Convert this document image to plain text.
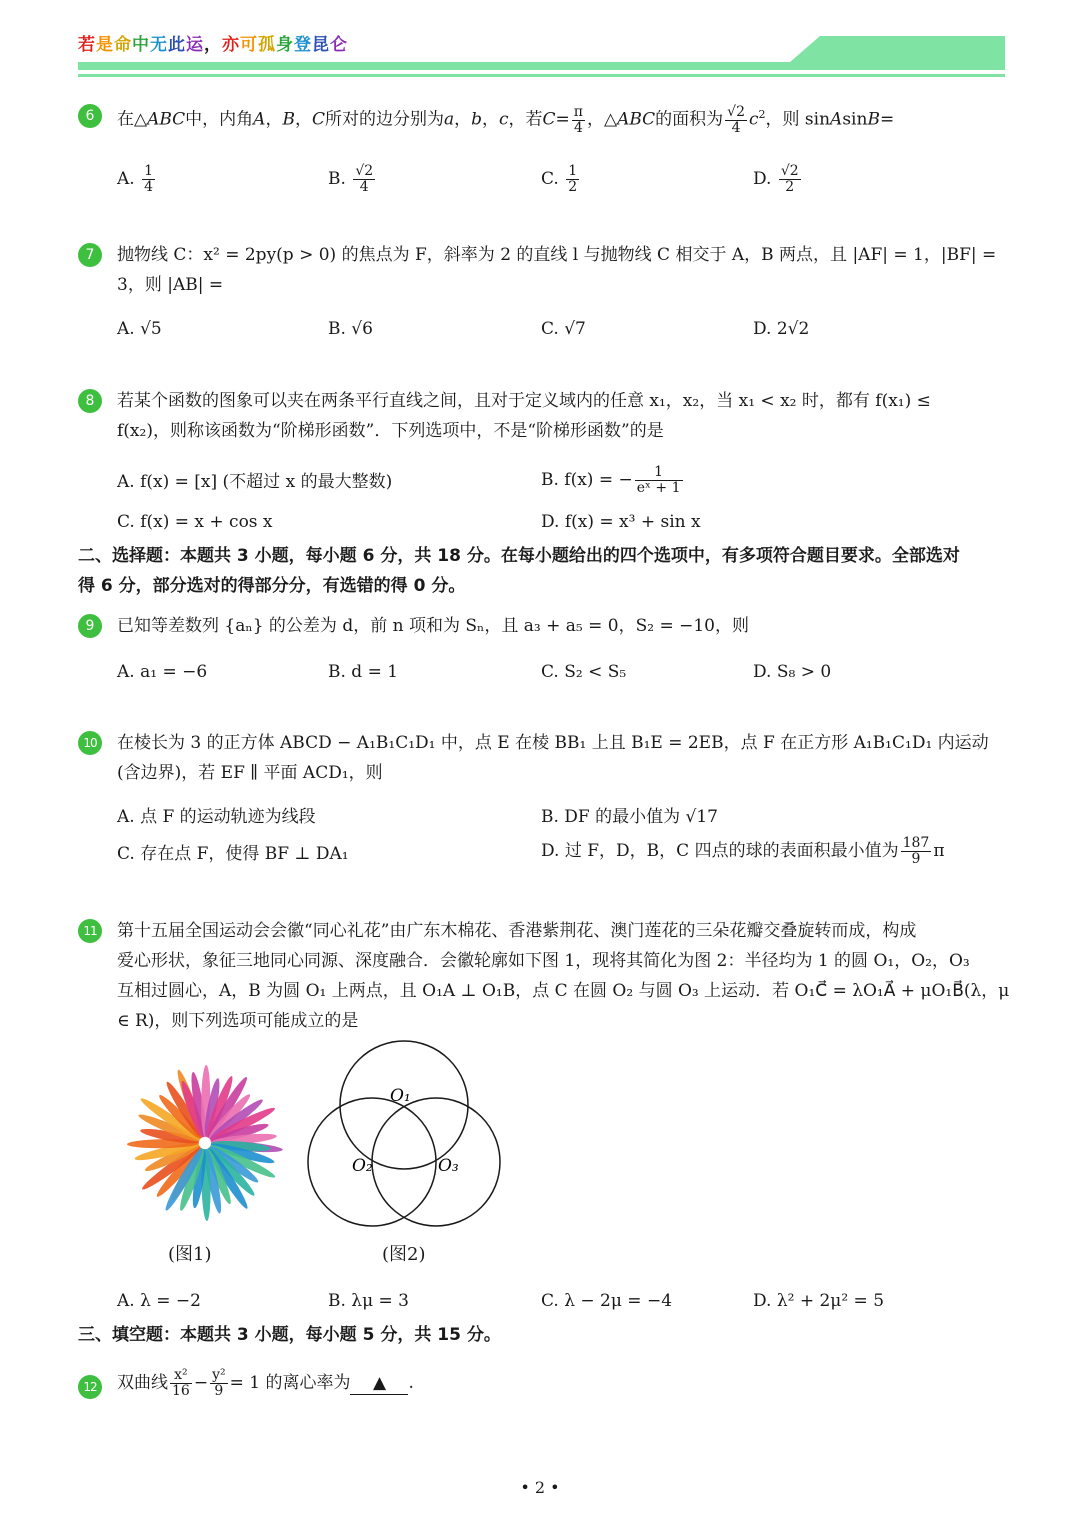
若是命中无此运，亦可孤身登昆仑
6	在△ABC中，内角A，B，C所对的边分别为a，b，c，若$C= \frac{\pi}{4}$ ，△ABC的面积为 $\frac{√2}{4} c^2$，则 sinAsinB=
A. $\frac{1}{4}$	B. $\frac{√2}{4}$	C. $\frac{1}{2}$	D. $\frac{√2}{2}$
7	抛物线 C：x² = 2py(p > 0) 的焦点为 F，斜率为 2 的直线 l 与抛物线 C 相交于 A，B 两点，且 |AF| = 1，|BF| =
3，则 |AB| =
A. √5	B. √6	C. √7	D. 2√2
8	若某个函数的图象可以夹在两条平行直线之间，且对于定义域内的任意 x₁，x₂，当 x₁ < x₂ 时，都有 f(x₁) ≤
f(x₂)，则称该函数为“阶梯形函数”．下列选项中，不是“阶梯形函数”的是
A. f(x) = [x] (不超过 x 的最大整数)	B. f(x) = − $\frac{1}{\text{eˣ + 1}}$
C. f(x) = x + cos x	D. f(x) = x³ + sin x
二、选择题：本题共 3 小题，每小题 6 分，共 18 分。在每小题给出的四个选项中，有多项符合题目要求。全部选对
得 6 分，部分选对的得部分分，有选错的得 0 分。
9	已知等差数列 {aₙ} 的公差为 d，前 n 项和为 Sₙ，且 a₃ + a₅ = 0，S₂ = −10，则
A. a₁ = −6	B. d = 1	C. S₂ < S₅	D. S₈ > 0
10	在棱长为 3 的正方体 ABCD − A₁B₁C₁D₁ 中，点 E 在棱 BB₁ 上且 B₁E = 2EB，点 F 在正方形 A₁B₁C₁D₁ 内运动
(含边界)，若 EF ∥ 平面 ACD₁，则
A. 点 F 的运动轨迹为线段	B. DF 的最小值为 √17
C. 存在点 F，使得 BF ⊥ DA₁	D. 过 F，D，B，C 四点的球的表面积最小值为 $\frac{187}{9}$ π
11	第十五届全国运动会会徽“同心礼花”由广东木棉花、香港紫荆花、澳门莲花的三朵花瓣交叠旋转而成，构成
爱心形状，象征三地同心同源、深度融合．会徽轮廓如下图 1，现将其简化为图 2：半径均为 1 的圆 O₁，O₂，O₃
互相过圆心，A，B 为圆 O₁ 上两点，且 O₁A ⊥ O₁B，点 C 在圆 O₂ 与圆 O₃ 上运动．若 O₁C⃗ = λO₁A⃗ + μO₁B⃗(λ，μ
∈ R)，则下列选项可能成立的是
(图1)
O₁
O₂	O₃
(图2)
A. λ = −2	B. λμ = 3	C. λ − 2μ = −4	D. λ² + 2μ² = 5
三、填空题：本题共 3 小题，每小题 5 分，共 15 分。
12	双曲线 $\frac{\text{x²}}{16} - \frac{\text{y²}}{9} = 1$ 的离心率为 ▲ .
• 2 •
